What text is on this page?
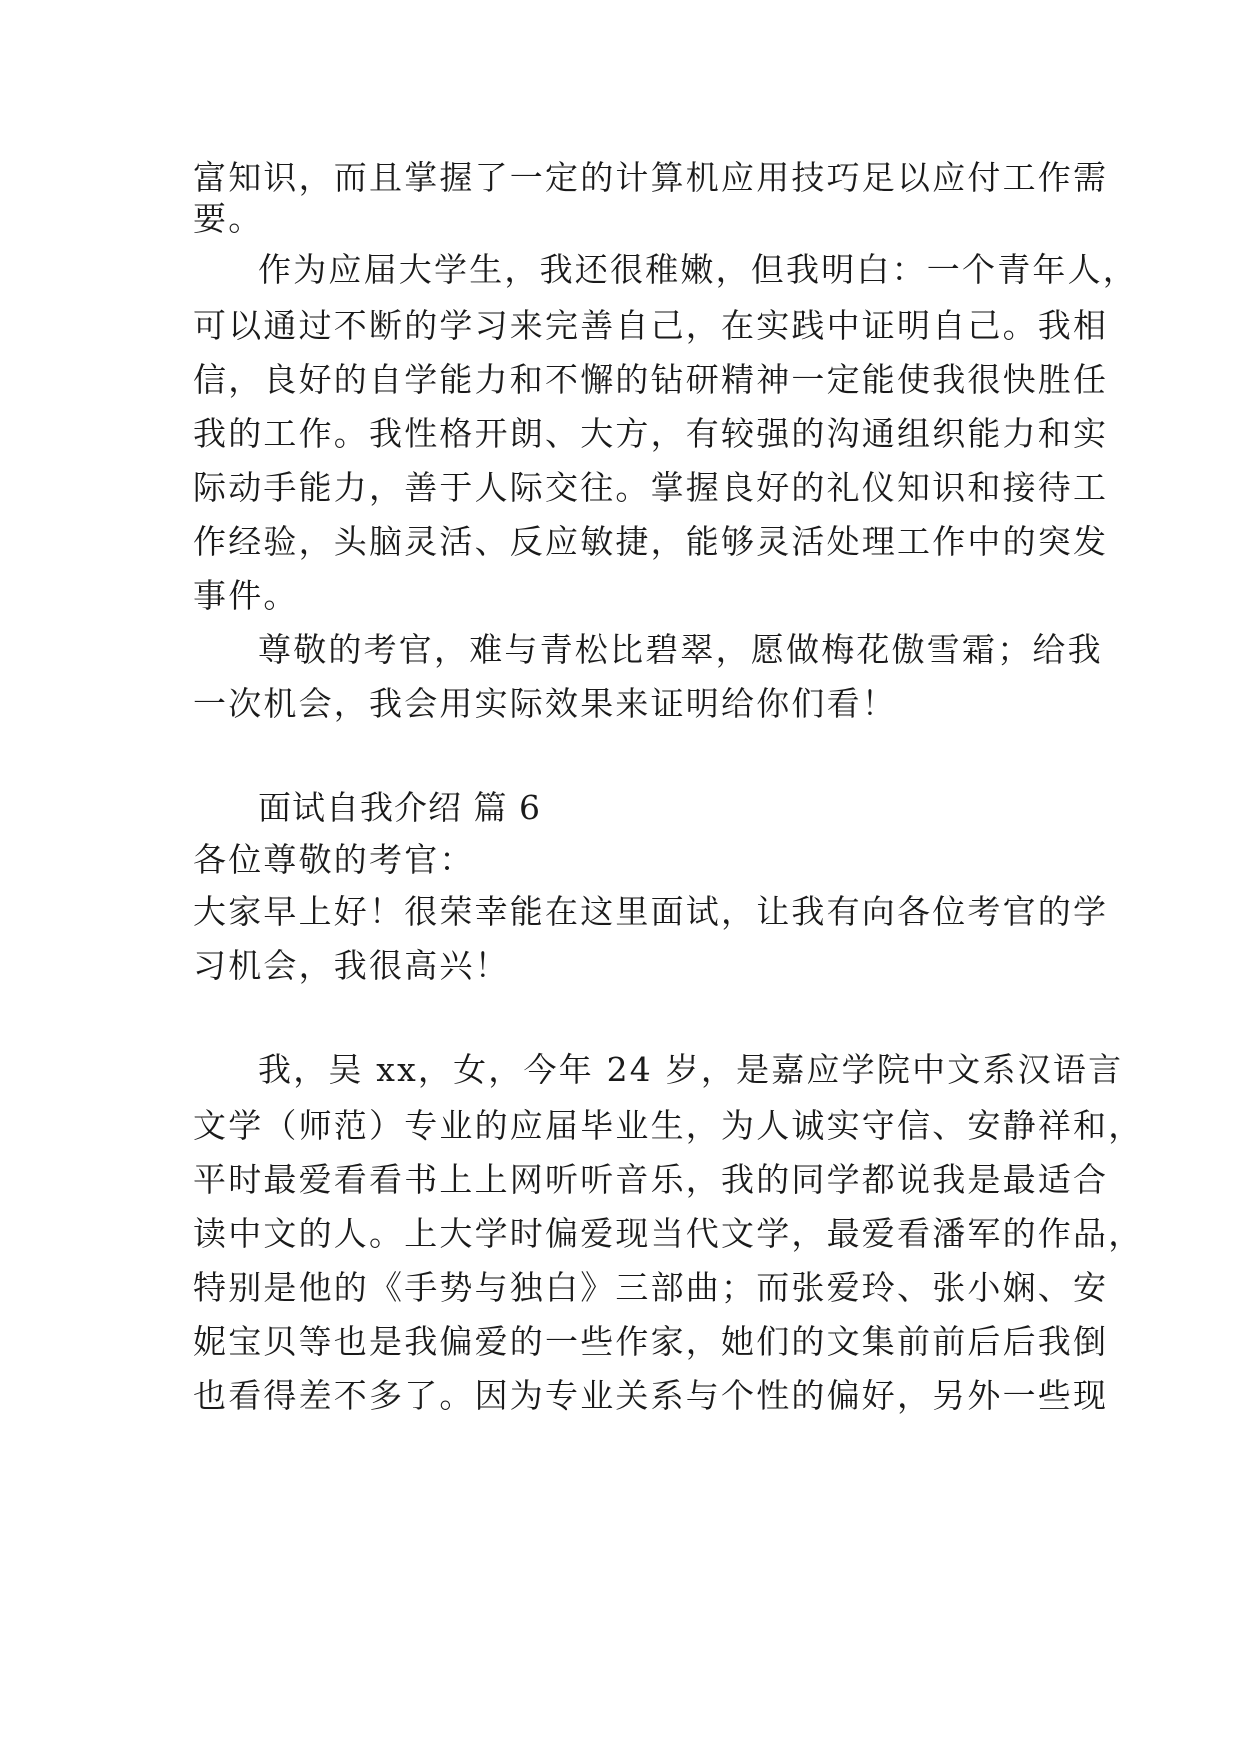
富知识，而且掌握了一定的计算机应用技巧足以应付工作需
要。
作为应届大学生，我还很稚嫩，但我明白：一个青年人，
可以通过不断的学习来完善自己，在实践中证明自己。我相
信，良好的自学能力和不懈的钻研精神一定能使我很快胜任
我的工作。我性格开朗、大方，有较强的沟通组织能力和实
际动手能力，善于人际交往。掌握良好的礼仪知识和接待工
作经验，头脑灵活、反应敏捷，能够灵活处理工作中的突发
事件。
尊敬的考官，难与青松比碧翠，愿做梅花傲雪霜；给我
一次机会，我会用实际效果来证明给你们看！
面试自我介绍 篇 6
各位尊敬的考官：
大家早上好！很荣幸能在这里面试，让我有向各位考官的学
习机会，我很高兴！
我，吴 xx，女，今年 24 岁，是嘉应学院中文系汉语言
文学（师范）专业的应届毕业生，为人诚实守信、安静祥和，
平时最爱看看书上上网听听音乐，我的同学都说我是最适合
读中文的人。上大学时偏爱现当代文学，最爱看潘军的作品，
特别是他的《手势与独白》三部曲；而张爱玲、张小娴、安
妮宝贝等也是我偏爱的一些作家，她们的文集前前后后我倒
也看得差不多了。因为专业关系与个性的偏好，另外一些现
